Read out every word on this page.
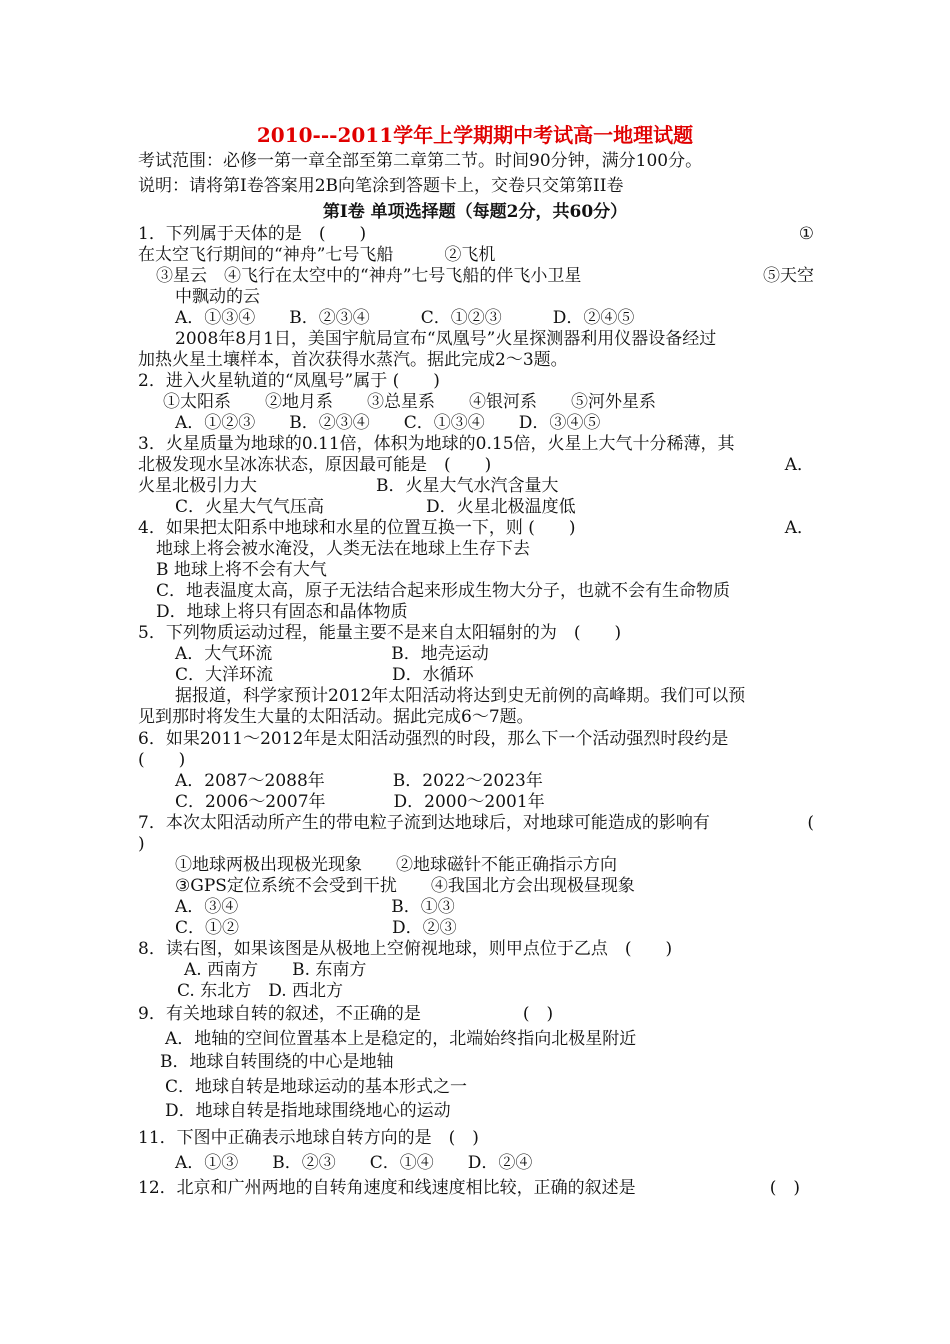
2010---2011学年上学期期中考试高一地理试题
考试范围：必修一第一章全部至第二章第二节。时间90分钟，满分100分。
说明：请将第I卷答案用2B向笔涂到答题卡上，交卷只交第第II卷
第Ⅰ卷 单项选择题（每题2分，共60分）
1．下列属于天体的是　(　　)	①
在太空飞行期间的“神舟”七号飞船　　　②飞机
③星云　④飞行在太空中的“神舟”七号飞船的伴飞小卫星	⑤天空
中飘动的云
A．①③④　　B．②③④　　　C．①②③　　　D．②④⑤
2008年8月1日，美国宇航局宣布“凤凰号”火星探测器利用仪器设备经过
加热火星土壤样本，首次获得水蒸汽。据此完成2～3题。
2．进入火星轨道的“凤凰号”属于 (　　)
①太阳系　　②地月系　　③总星系　　④银河系　　⑤河外星系
A．①②③　　B．②③④　　C．①③④　　D．③④⑤
3．火星质量为地球的0.11倍，体积为地球的0.15倍，火星上大气十分稀薄，其
北极发现水呈冰冻状态，原因最可能是　(　　)	A．
火星北极引力大　　　　　　　B．火星大气水汽含量大
C．火星大气气压高　　　　　　D．火星北极温度低
4．如果把太阳系中地球和水星的位置互换一下，则 (　　)	A．
地球上将会被水淹没，人类无法在地球上生存下去
B 地球上将不会有大气
C．地表温度太高，原子无法结合起来形成生物大分子，也就不会有生命物质
D．地球上将只有固态和晶体物质
5．下列物质运动过程，能量主要不是来自太阳辐射的为　(　　)
A．大气环流　　　　　　　B．地壳运动
C．大洋环流　　　　　　　D．水循环
据报道，科学家预计2012年太阳活动将达到史无前例的高峰期。我们可以预
见到那时将发生大量的太阳活动。据此完成6～7题。
6．如果2011～2012年是太阳活动强烈的时段，那么下一个活动强烈时段约是
(　　)
A．2087～2088年　　　　B．2022～2023年
C．2006～2007年　　　　D．2000～2001年
7．本次太阳活动所产生的带电粒子流到达地球后，对地球可能造成的影响有	(
)
①地球两极出现极光现象　　②地球磁针不能正确指示方向
③GPS定位系统不会受到干扰　　④我国北方会出现极昼现象
A．③④　　　　　　　　　B．①③
C．①②　　　　　　　　　D．②③
8．读右图，如果该图是从极地上空俯视地球，则甲点位于乙点　(　　)
A. 西南方　　B. 东南方
C. 东北方　D. 西北方
9．有关地球自转的叙述，不正确的是　　　　　　(　)
A．地轴的空间位置基本上是稳定的，北端始终指向北极星附近
B．地球自转围绕的中心是地轴
C．地球自转是地球运动的基本形式之一
D．地球自转是指地球围绕地心的运动
11．下图中正确表示地球自转方向的是　(　)
A．①③　　B．②③　　C．①④　　D．②④
12．北京和广州两地的自转角速度和线速度相比较，正确的叙述是	(　)
